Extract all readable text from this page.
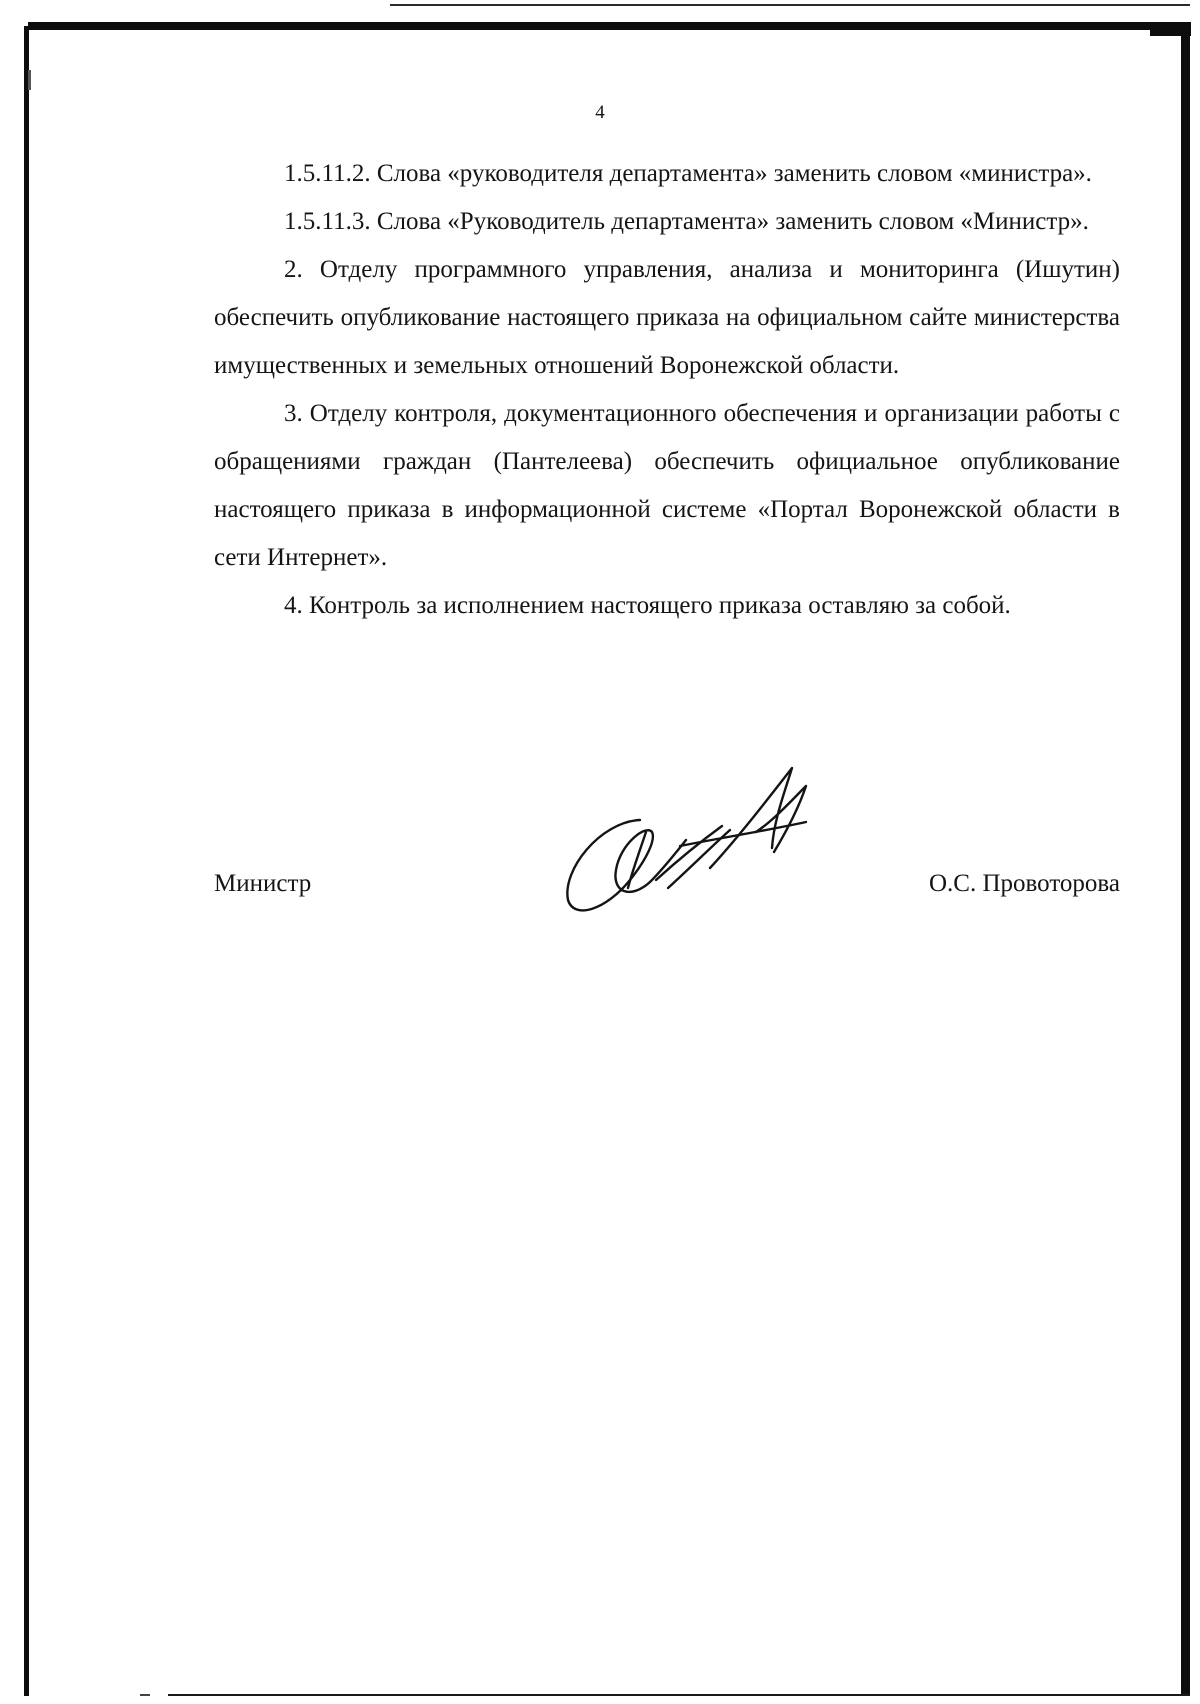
4

1.5.11.2. Слова «руководителя департамента» заменить словом «министра».

1.5.11.3. Слова «Руководитель департамента» заменить словом «Министр».

2. Отделу программного управления, анализа и мониторинга (Ишутин) обеспечить опубликование настоящего приказа на официальном сайте министерства имущественных и земельных отношений Воронежской области.

3. Отделу контроля, документационного обеспечения и организации работы с обращениями граждан (Пантелеева) обеспечить официальное опубликование настоящего приказа в информационной системе «Портал Воронежской области в сети Интернет».

4. Контроль за исполнением настоящего приказа оставляю за собой.

Министр	О.С. Провоторова
